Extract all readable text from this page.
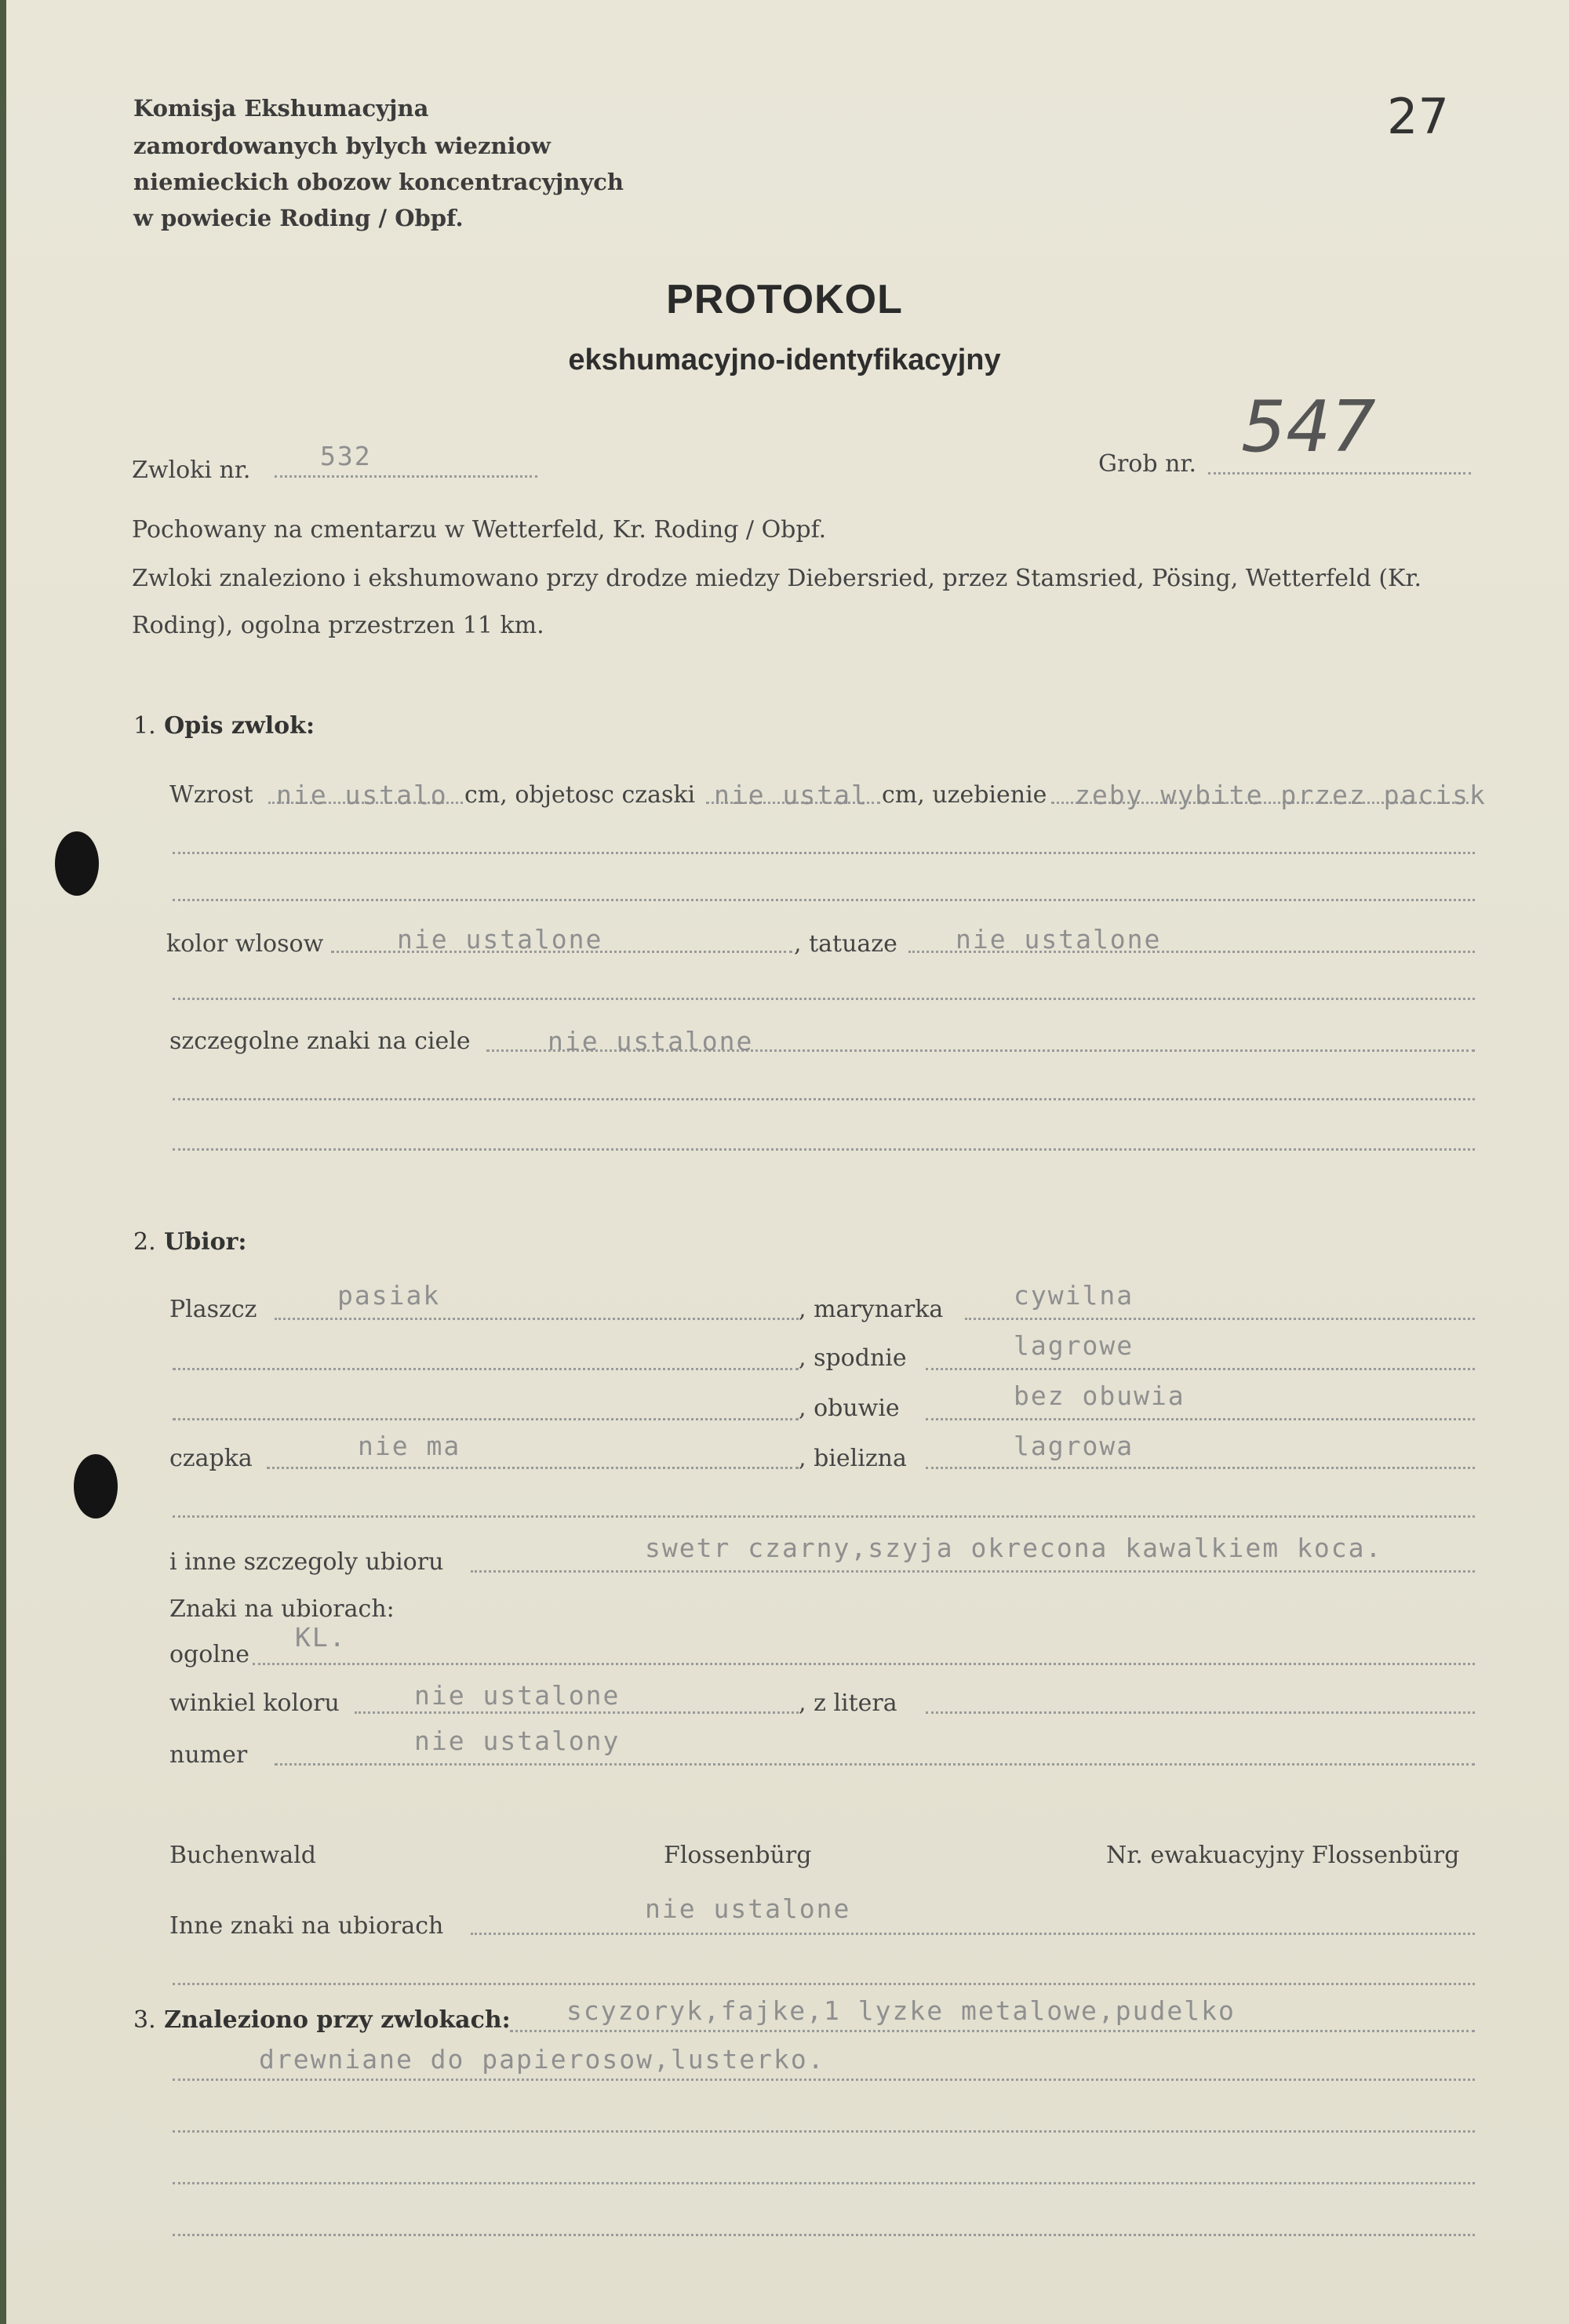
Komisja Ekshumacyjna
zamordowanych bylych wiezniow
niemieckich obozow koncentracyjnych
w powiecie Roding / Obpf.
27
PROTOKOL
ekshumacyjno-identyfikacyjny
Zwloki nr.	532	Grob nr. 547
Pochowany na cmentarzu w Wetterfeld, Kr. Roding / Obpf.
Zwloki znaleziono i ekshumowano przy drodze miedzy Diebersried, przez Stamsried, Pösing, Wetterfeld (Kr.
Roding), ogolna przestrzen 11 km.
1. Opis zwlok:
Wzrost nie ustalo cm, objetosc czaski nie ustal cm, uzebienie zeby wybite przez pacisk
kolor wlosow	nie ustalone	, tatuaze nie ustalone
szczegolne znaki na ciele	nie ustalone
2. Ubior:
Plaszcz	pasiak	, marynarka	cywilna
, spodnie	lagrowe
, obuwie	bez obuwia
czapka	nie ma	, bielizna	lagrowa
i inne szczegoly ubioru	swetr czarny,szyja okrecona kawalkiem koca.
Znaki na ubiorach:
ogolne
KL.
winkiel koloru	nie ustalone	, z litera
numer	nie ustalony
Buchenwald	Flossenbürg	Nr. ewakuacyjny Flossenbürg
Inne znaki na ubiorach
nie ustalone
3. Znaleziono przy zwlokach: scyzoryk,fajke,1 lyzke metalowe,pudelko
drewniane do papierosow,lusterko.
